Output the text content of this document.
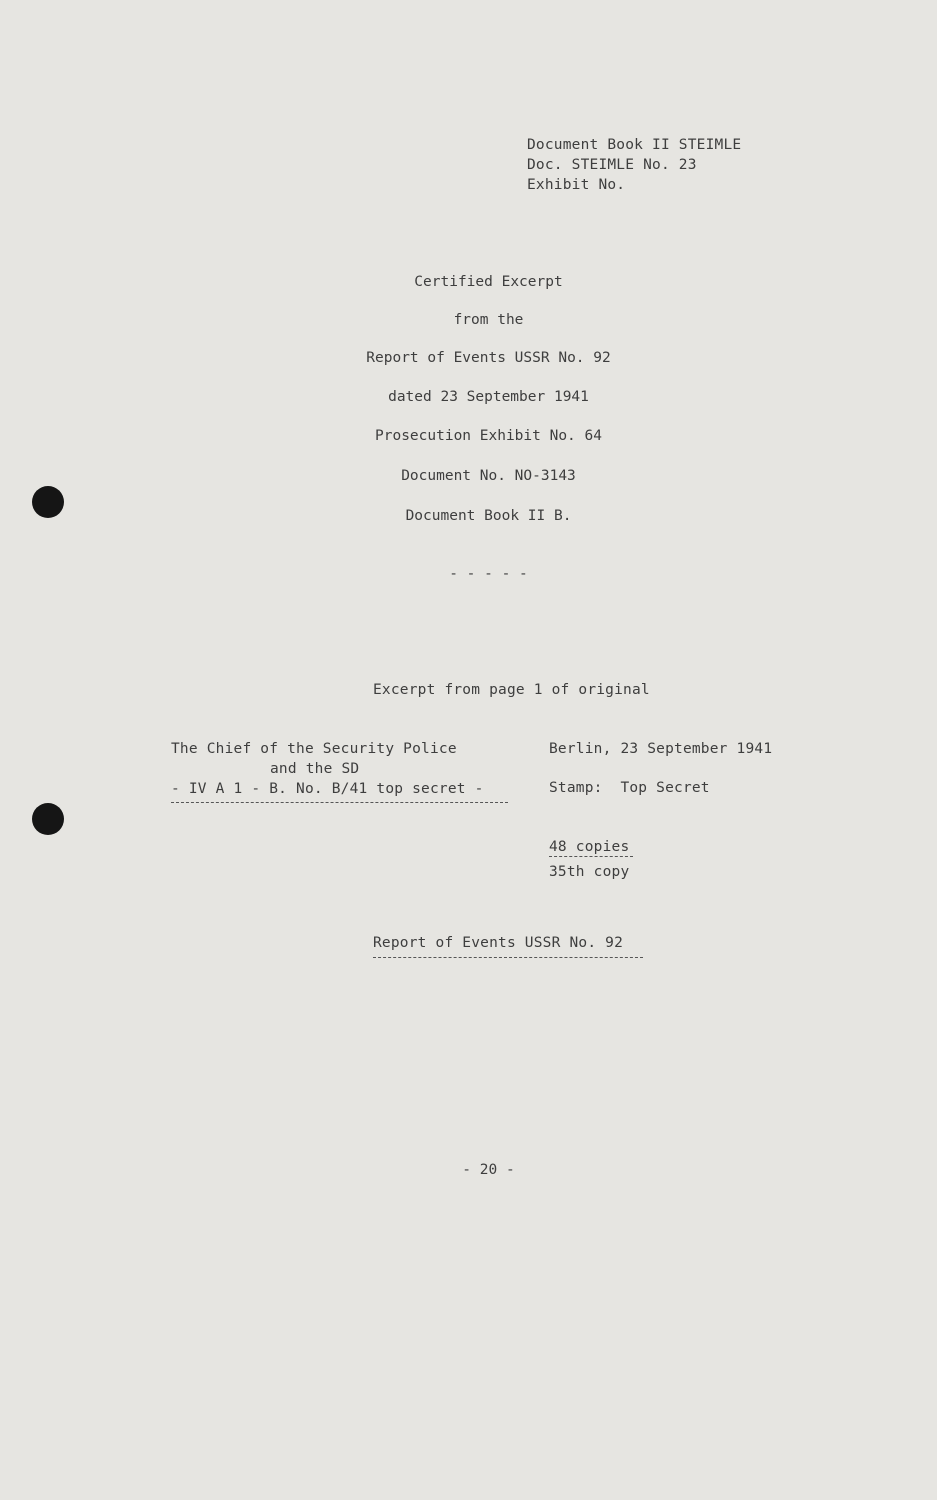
Document Book II STEIMLE
Doc. STEIMLE No. 23
Exhibit No.
Certified Excerpt
from the
Report of Events USSR No. 92
dated 23 September 1941
Prosecution Exhibit No. 64
Document No. NO-3143
Document Book II B.
- - - - -
Excerpt from page 1 of original
The Chief of the Security Police
and the SD
- IV A 1 - B. No. B/41 top secret -
Berlin, 23 September 1941
Stamp:  Top Secret
48 copies
35th copy
Report of Events USSR No. 92
- 20 -
